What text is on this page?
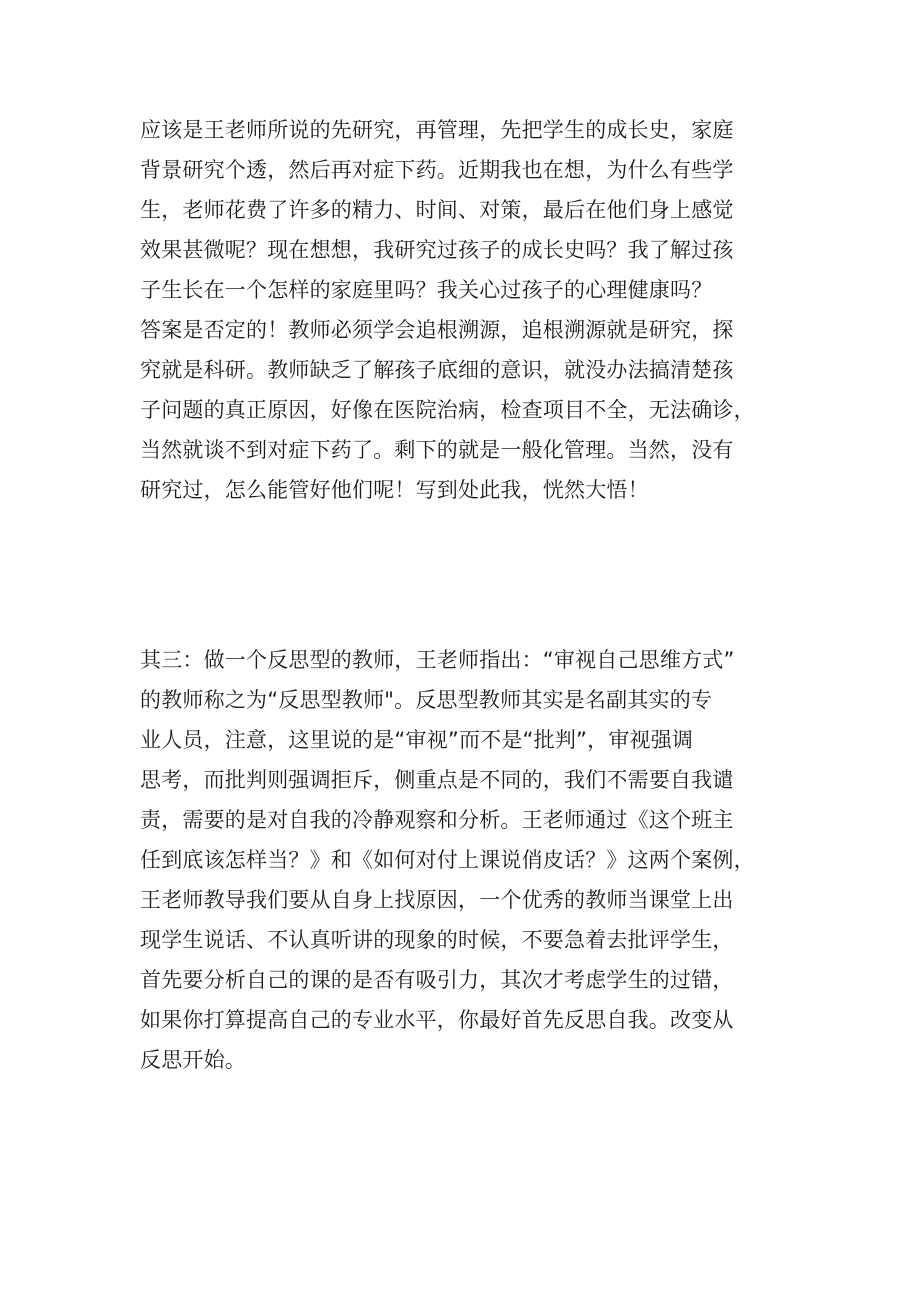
应该是王老师所说的先研究，再管理，先把学生的成长史，家庭
背景研究个透，然后再对症下药。近期我也在想，为什么有些学
生，老师花费了许多的精力、时间、对策，最后在他们身上感觉
效果甚微呢？现在想想，我研究过孩子的成长史吗？我了解过孩
子生长在一个怎样的家庭里吗？我关心过孩子的心理健康吗？
答案是否定的！教师必须学会追根溯源，追根溯源就是研究，探
究就是科研。教师缺乏了解孩子底细的意识，就没办法搞清楚孩
子问题的真正原因，好像在医院治病，检查项目不全，无法确诊，
当然就谈不到对症下药了。剩下的就是一般化管理。当然，没有
研究过，怎么能管好他们呢！写到处此我，恍然大悟！
其三：做一个反思型的教师，王老师指出：“审视自己思维方式”
的教师称之为“反思型教师"。反思型教师其实是名副其实的专
业人员，注意，这里说的是“审视”而不是“批判”，审视强调
思考，而批判则强调拒斥，侧重点是不同的，我们不需要自我谴
责，需要的是对自我的冷静观察和分析。王老师通过《这个班主
任到底该怎样当？》和《如何对付上课说俏皮话？》这两个案例，
王老师教导我们要从自身上找原因，一个优秀的教师当课堂上出
现学生说话、不认真听讲的现象的时候，不要急着去批评学生，
首先要分析自己的课的是否有吸引力，其次才考虑学生的过错，
如果你打算提高自己的专业水平，你最好首先反思自我。改变从
反思开始。
